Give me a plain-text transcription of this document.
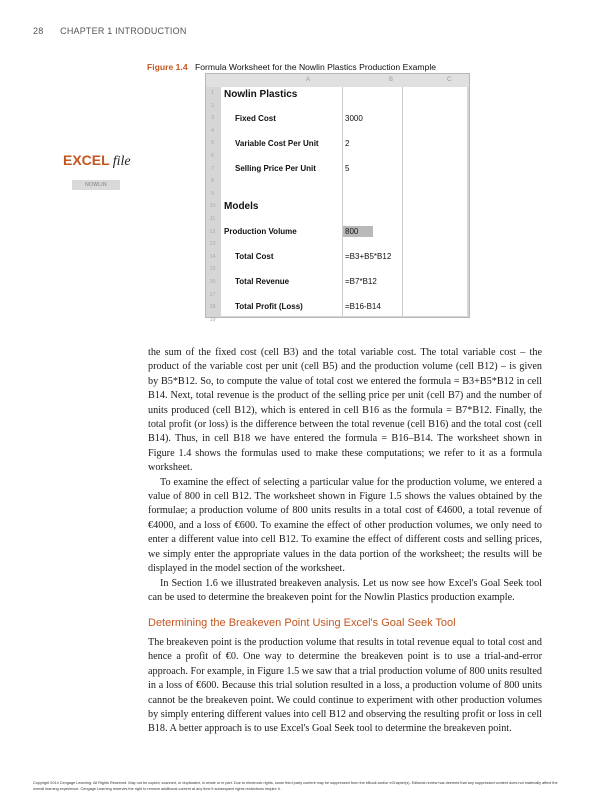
28 CHAPTER 1 INTRODUCTION
Figure 1.4 Formula Worksheet for the Nowlin Plastics Production Example
EXCEL file
NOWLIN
A	B	C
1
2
3
4
5
6
7
8
9
10
11
12
13
14
15
16
17
18
19
Nowlin Plastics
Fixed Cost	3000
Variable Cost Per Unit	2
Selling Price Per Unit	5
Models
Production Volume	800
Total Cost	=B3+B5*B12
Total Revenue	=B7*B12
Total Profit (Loss)	=B16-B14

the sum of the fixed cost (cell B3) and the total variable cost. The total variable cost – the product of the variable cost per unit (cell B5) and the production volume (cell B12) – is given by B5*B12. So, to compute the value of total cost we entered the formula = B3+B5*B12 in cell B14. Next, total revenue is the product of the selling price per unit (cell B7) and the number of units produced (cell B12), which is entered in cell B16 as the formula = B7*B12. Finally, the total profit (or loss) is the difference between the total revenue (cell B16) and the total cost (cell B14). Thus, in cell B18 we have entered the formula = B16–B14. The worksheet shown in Figure 1.4 shows the formulas used to make these computations; we refer to it as a formula worksheet.

To examine the effect of selecting a particular value for the production volume, we entered a value of 800 in cell B12. The worksheet shown in Figure 1.5 shows the values obtained by the formulae; a production volume of 800 units results in a total cost of €4600, a total revenue of €4000, and a loss of €600. To examine the effect of other production volumes, we only need to enter a different value into cell B12. To examine the effect of different costs and selling prices, we simply enter the appropriate values in the data portion of the worksheet; the results will be displayed in the model section of the worksheet.

In Section 1.6 we illustrated breakeven analysis. Let us now see how Excel's Goal Seek tool can be used to determine the breakeven point for the Nowlin Plastics production example.

Determining the Breakeven Point Using Excel's Goal Seek Tool

The breakeven point is the production volume that results in total revenue equal to total cost and hence a profit of €0. One way to determine the breakeven point is to use a trial-and-error approach. For example, in Figure 1.5 we saw that a trial production volume of 800 units resulted in a loss of €600. Because this trial solution resulted in a loss, a production volume of 800 units cannot be the breakeven point. We could continue to experiment with other production volumes by simply entering different values into cell B12 and observing the resulting profit or loss in cell B18. A better approach is to use Excel's Goal Seek tool to determine the breakeven point.

Copyright 2014 Cengage Learning. All Rights Reserved. May not be copied, scanned, or duplicated, in whole or in part. Due to electronic rights, some third party content may be suppressed from the eBook and/or eChapter(s). Editorial review has deemed that any suppressed content does not materially affect the overall learning experience. Cengage Learning reserves the right to remove additional content at any time if subsequent rights restrictions require it.
